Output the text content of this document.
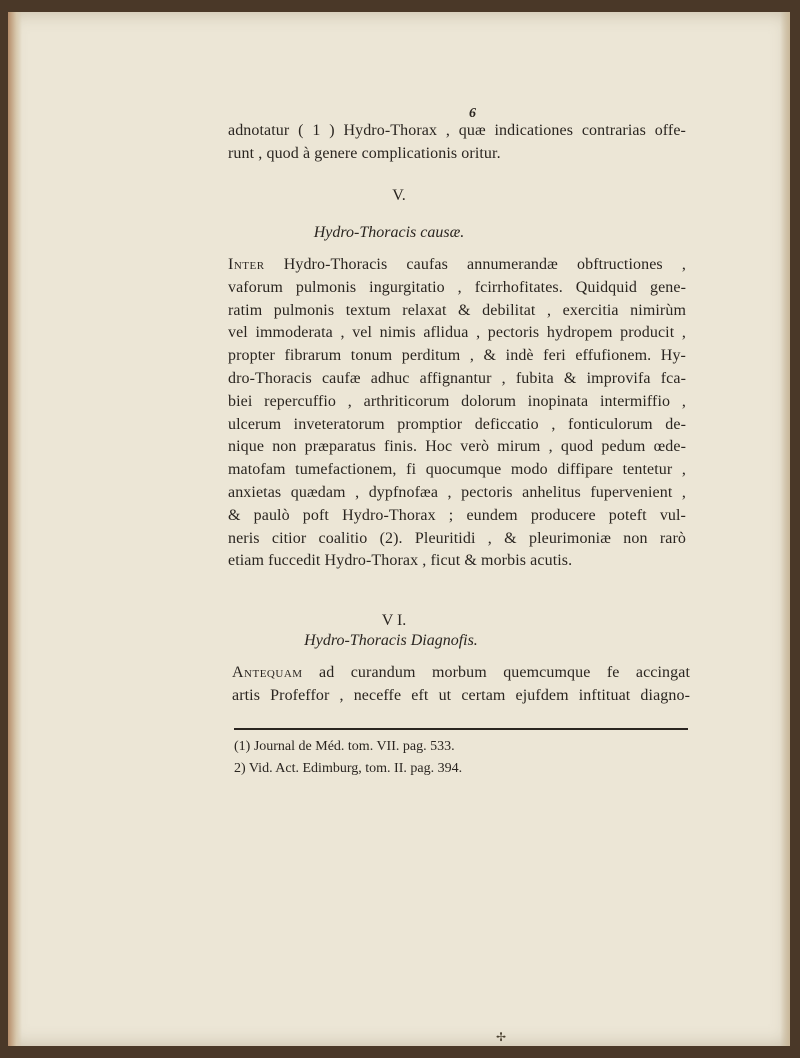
6
adnotatur ( 1 ) Hydro-Thorax , quæ indicationes contrarias offe-
runt , quod à genere complicationis oritur.
V.
Hydro-Thoracis causæ.
Inter Hydro-Thoracis caufas annumerandæ obftructiones ,
vaforum pulmonis ingurgitatio , fcirrhofitates. Quidquid gene-
ratim pulmonis textum relaxat & debilitat , exercitia nimirùm
vel immoderata , vel nimis aflidua , pectoris hydropem producit ,
propter fibrarum tonum perditum , & indè feri effufionem. Hy-
dro-Thoracis caufæ adhuc affignantur , fubita & improvifa fca-
biei repercuffio , arthriticorum dolorum inopinata intermiffio ,
ulcerum inveteratorum promptior deficcatio , fonticulorum de-
nique non præparatus finis. Hoc verò mirum , quod pedum œde-
matofam tumefactionem, fi quocumque modo diffipare tentetur ,
anxietas quædam , dypfnofæa , pectoris anhelitus fupervenient ,
& paulò poft Hydro-Thorax ; eundem producere poteft vul-
neris citior coalitio (2). Pleuritidi , & pleurimoniæ non rarò
etiam fuccedit Hydro-Thorax , ficut & morbis acutis.
V I.
Hydro-Thoracis Diagnofis.
Antequam ad curandum morbum quemcumque fe accingat
artis Profeffor , neceffe eft ut certam ejufdem inftituat diagno-
(1) Journal de Méd. tom. VII. pag. 533.
2) Vid. Act. Edimburg, tom. II. pag. 394.
✢
